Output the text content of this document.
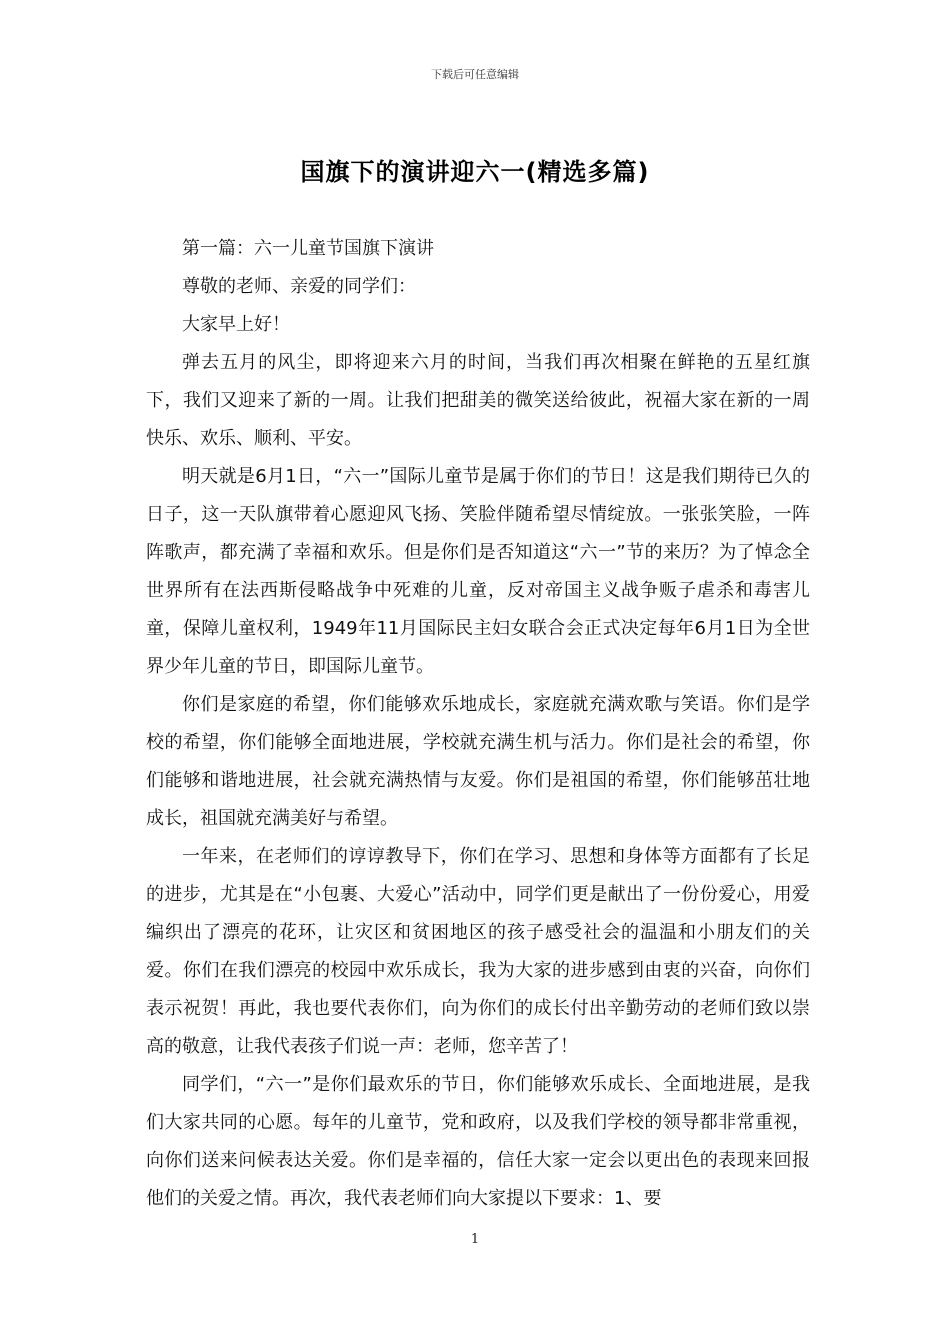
下载后可任意编辑
国旗下的演讲迎六一(精选多篇)

第一篇：六一儿童节国旗下演讲

尊敬的老师、亲爱的同学们：

大家早上好！

弹去五月的风尘，即将迎来六月的时间，当我们再次相聚在鲜艳的五星红旗下，我们又迎来了新的一周。让我们把甜美的微笑送给彼此，祝福大家在新的一周快乐、欢乐、顺利、平安。

明天就是6月1日，“六一”国际儿童节是属于你们的节日！这是我们期待已久的日子，这一天队旗带着心愿迎风飞扬、笑脸伴随希望尽情绽放。一张张笑脸，一阵阵歌声，都充满了幸福和欢乐。但是你们是否知道这“六一”节的来历？为了悼念全世界所有在法西斯侵略战争中死难的儿童，反对帝国主义战争贩子虐杀和毒害儿童，保障儿童权利，1949年11月国际民主妇女联合会正式决定每年6月1日为全世界少年儿童的节日，即国际儿童节。

你们是家庭的希望，你们能够欢乐地成长，家庭就充满欢歌与笑语。你们是学校的希望，你们能够全面地进展，学校就充满生机与活力。你们是社会的希望，你们能够和谐地进展，社会就充满热情与友爱。你们是祖国的希望，你们能够茁壮地成长，祖国就充满美好与希望。

一年来，在老师们的谆谆教导下，你们在学习、思想和身体等方面都有了长足的进步，尤其是在“小包裹、大爱心”活动中，同学们更是献出了一份份爱心，用爱编织出了漂亮的花环，让灾区和贫困地区的孩子感受社会的温温和小朋友们的关爱。你们在我们漂亮的校园中欢乐成长，我为大家的进步感到由衷的兴奋，向你们表示祝贺！再此，我也要代表你们，向为你们的成长付出辛勤劳动的老师们致以崇高的敬意，让我代表孩子们说一声：老师，您辛苦了！

同学们，“六一”是你们最欢乐的节日，你们能够欢乐成长、全面地进展，是我们大家共同的心愿。每年的儿童节，党和政府，以及我们学校的领导都非常重视，向你们送来问候表达关爱。你们是幸福的，信任大家一定会以更出色的表现来回报他们的关爱之情。再次，我代表老师们向大家提以下要求：1、要

1
